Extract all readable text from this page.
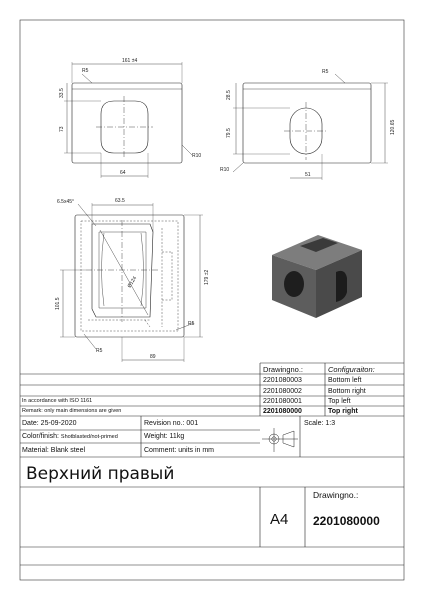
161 ±4
R5
33.5
73
64
R10
R5
28.5
79.5	120.65
R10
51
6.5x45°	63.5
Ø124	179 ±2
101.5
R5
R5
89
Drawingno.:	Configuraiton:
2201080003	Bottom left
2201080002	Bottom right
2201080001	Top left
2201080000	Top right
In accordance with ISO 1161
Remark: only main dimensions are given
Date: 25-09-2020	Revision no.: 001
Color/finish: Shotblasted/not-primed	Weight: 11kg
Material: Blank steel	Comment: units in mm
Scale: 1:3
Верхний правый
A4
Drawingno.:
2201080000
